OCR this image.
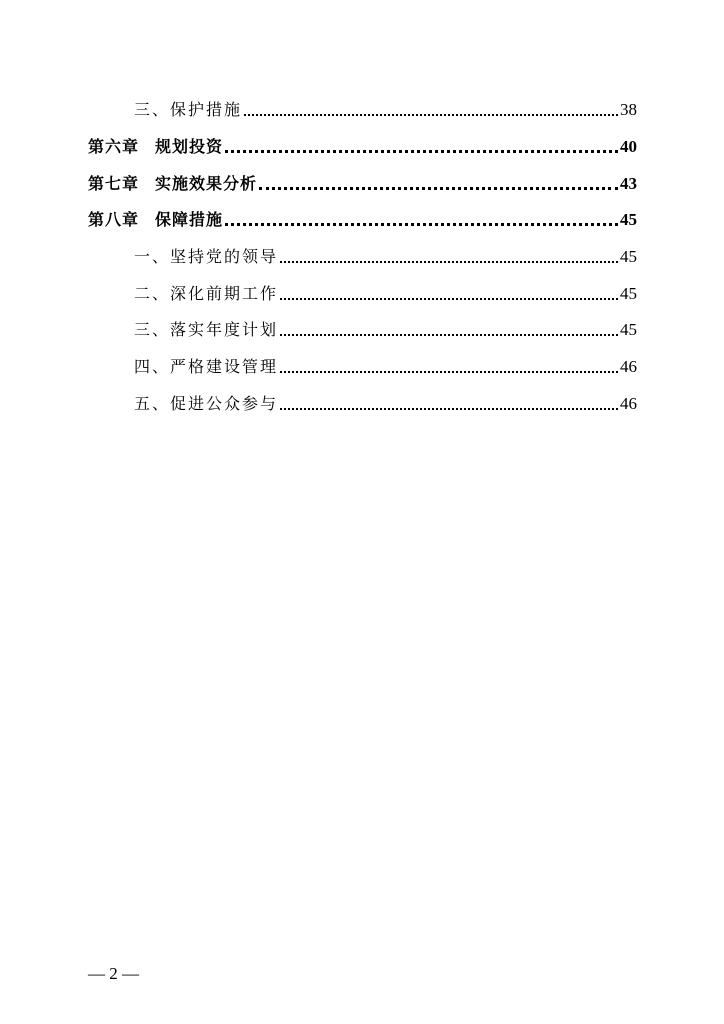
三、保护措施	38
第六章 规划投资	40
第七章 实施效果分析	43
第八章 保障措施	45
一、坚持党的领导	45
二、深化前期工作	45
三、落实年度计划	45
四、严格建设管理	46
五、促进公众参与	46
— 2 —
